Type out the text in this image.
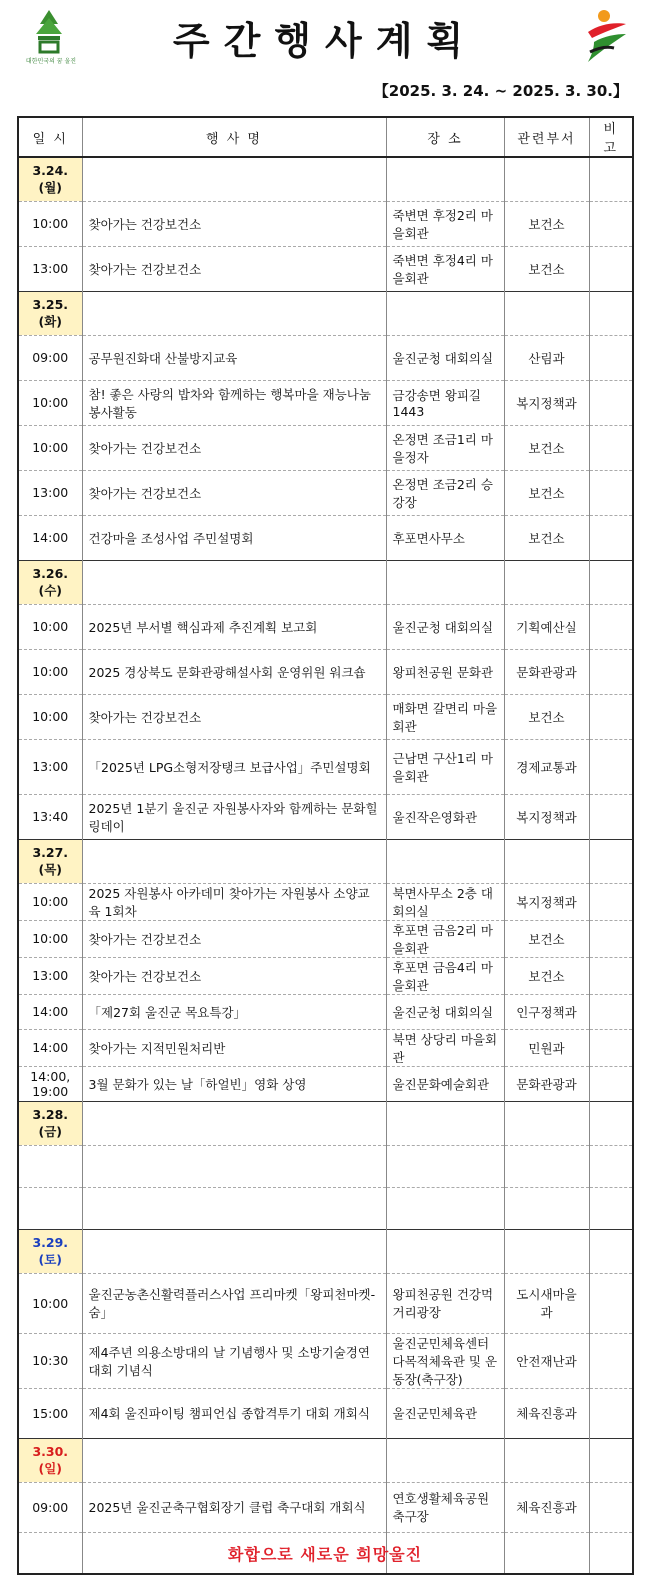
대한민국의 꿈 울진	주간행사계획
【2025. 3. 24. ~ 2025. 3. 30.】
일 시	행 사 명	장 소	관련부서	비 고
3.24.(월)				
10:00	찾아가는 건강보건소	죽변면 후정2리 마을회관	보건소	
13:00	찾아가는 건강보건소	죽변면 후정4리 마을회관	보건소	
3.25.(화)				
09:00	공무원진화대 산불방지교육	울진군청 대회의실	산림과	
10:00	참! 좋은 사랑의 밥차와 함께하는 행복마을 재능나눔 봉사활동	금강송면 왕피길 1443	복지정책과	
10:00	찾아가는 건강보건소	온정면 조금1리 마을정자	보건소	
13:00	찾아가는 건강보건소	온정면 조금2리 승강장	보건소	
14:00	건강마을 조성사업 주민설명회	후포면사무소	보건소	
3.26.(수)				
10:00	2025년 부서별 핵심과제 추진계획 보고회	울진군청 대회의실	기획예산실	
10:00	2025 경상북도 문화관광해설사회 운영위원 워크숍	왕피천공원 문화관	문화관광과	
10:00	찾아가는 건강보건소	매화면 갈면리 마을회관	보건소	
13:00	「2025년 LPG소형저장탱크 보급사업」주민설명회	근남면 구산1리 마을회관	경제교통과	
13:40	2025년 1분기 울진군 자원봉사자와 함께하는 문화힐링데이	울진작은영화관	복지정책과	
3.27.(목)				
10:00	2025 자원봉사 아카데미 찾아가는 자원봉사 소양교육 1회차	북면사무소 2층 대회의실	복지정책과	
10:00	찾아가는 건강보건소	후포면 금음2리 마을회관	보건소	
13:00	찾아가는 건강보건소	후포면 금음4리 마을회관	보건소	
14:00	「제27회 울진군 목요특강」	울진군청 대회의실	인구정책과	
14:00	찾아가는 지적민원처리반	북면 상당리 마을회관	민원과	
14:00, 19:00	3월 문화가 있는 날「하얼빈」영화 상영	울진문화예술회관	문화관광과	
3.28.(금)				

3.29.(토)				
10:00	울진군농촌신활력플러스사업 프리마켓「왕피천마켓-숨」	왕피천공원 건강먹거리광장	도시새마을과	
10:30	제4주년 의용소방대의 날 기념행사 및 소방기술경연대회 기념식	울진군민체육센터 다목적체육관 및 운동장(축구장)	안전재난과	
15:00	제4회 울진파이팅 챔피언십 종합격투기 대회 개회식	울진군민체육관	체육진흥과	
3.30.(일)				
09:00	2025년 울진군축구협회장기 클럽 축구대회 개회식	연호생활체육공원 축구장	체육진흥과	

화합으로 새로운 희망울진
